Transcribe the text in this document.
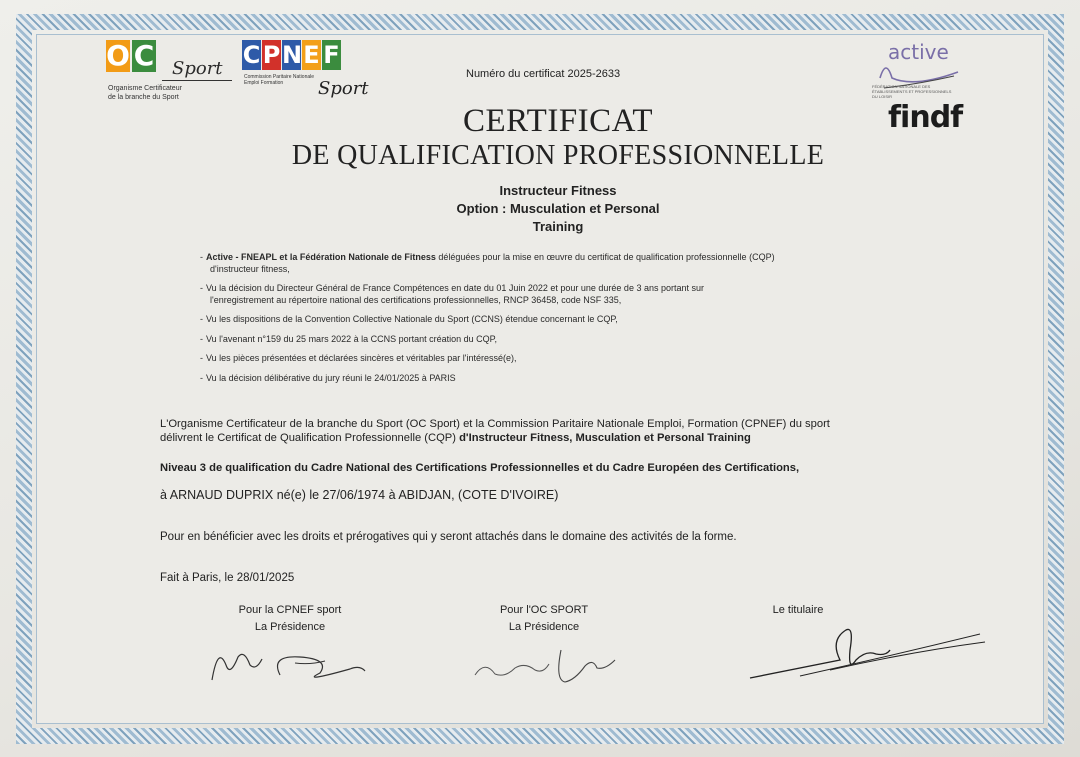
O C Sport
Organisme Certificateur
de la branche du Sport
CPNE F
Commission Paritaire Nationale
Emploi Formation	Sport
Numéro du certificat 2025-2633
active
FÉDÉRATION NATIONALE DES ÉTABLISSEMENTS ET PROFESSIONNELS DU LOISIR
findf
CERTIFICAT
DE QUALIFICATION PROFESSIONNELLE
Instructeur Fitness
Option : Musculation et Personal
Training
- Active - FNEAPL et la Fédération Nationale de Fitness déléguées pour la mise en œuvre du certificat de qualification professionnelle (CQP)
d'instructeur fitness,
- Vu la décision du Directeur Général de France Compétences en date du 01 Juin 2022 et pour une durée de 3 ans portant sur
l'enregistrement au répertoire national des certifications professionnelles, RNCP 36458, code NSF 335,
- Vu les dispositions de la Convention Collective Nationale du Sport (CCNS) étendue concernant le CQP,
- Vu l'avenant n°159 du 25 mars 2022 à la CCNS portant création du CQP,
- Vu les pièces présentées et déclarées sincères et véritables par l'intéressé(e),
- Vu la décision délibérative du jury réuni le 24/01/2025 à PARIS
L'Organisme Certificateur de la branche du Sport (OC Sport) et la Commission Paritaire Nationale Emploi, Formation (CPNEF) du sport
délivrent le Certificat de Qualification Professionnelle (CQP) d'Instructeur Fitness, Musculation et Personal Training
Niveau 3 de qualification du Cadre National des Certifications Professionnelles et du Cadre Européen des Certifications,
à ARNAUD DUPRIX né(e) le 27/06/1974 à ABIDJAN, (COTE D'IVOIRE)
Pour en bénéficier avec les droits et prérogatives qui y seront attachés dans le domaine des activités de la forme.
Fait à Paris, le 28/01/2025
Pour la CPNEF sport
La Présidence
Pour l'OC SPORT
La Présidence
Le titulaire
